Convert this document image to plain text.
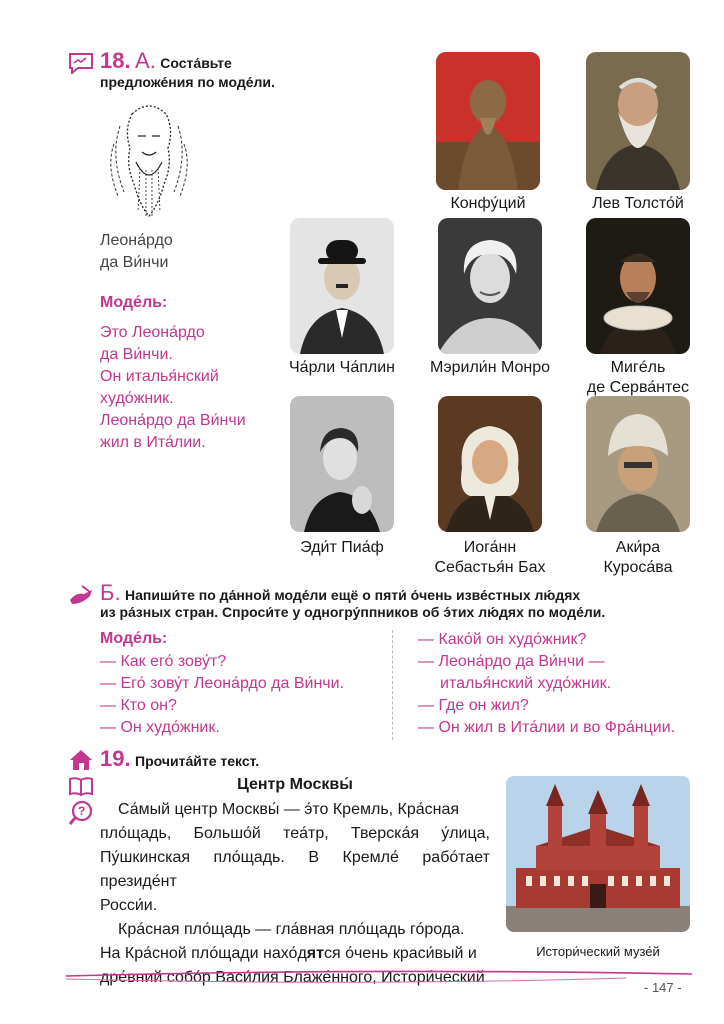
18. А. Соста́вьте
предложе́ния по моде́ли.
Леона́рдо
да Ви́нчи
Моде́ль:
Это Леона́рдо
да Ви́нчи.
Он италья́нский
худо́жник.
Леона́рдо да Ви́нчи
жил в Ита́лии.
Конфу́ций	Лев Толсто́й
Ча́рли Ча́плин	Мэрили́н Монро	Мигéль
де Серва́нтес
Эди́т Пиа́ф	Иога́нн
Себастья́н Бах
Аки́ра
Куроса́ва
Б. Напиши́те по да́нной моде́ли ещё о пяти́ о́чень изве́стных лю́дях
из ра́зных стран. Спроси́те у одногру́ппников об э́тих лю́дях по моде́ли.
Моде́ль:
— Как его́ зову́т?
— Его́ зову́т Леона́рдо да Ви́нчи.
— Кто он?
— Он худо́жник.
— Како́й он худо́жник?
— Леона́рдо да Ви́нчи —
италья́нский худо́жник.
— Где он жил?
— Он жил в Ита́лии и во Фра́нции.
?
19. Прочита́йте текст.
Центр Москвы́
Са́мый центр Москвы́ — э́то Кремль, Кра́сная
пло́щадь, Большо́й теа́тр, Тверска́я у́лица,
Пу́шкинская пло́щадь. В Кремле́ рабо́тает президе́нт
Росси́и.
Кра́сная пло́щадь — гла́вная пло́щадь го́рода.
На Кра́сной пло́щади нахо́дятся о́чень краси́вый и
дре́вний собо́р Васи́лия Блаже́нного, Истори́ческий
Истори́ческий музе́й
- 147 -
